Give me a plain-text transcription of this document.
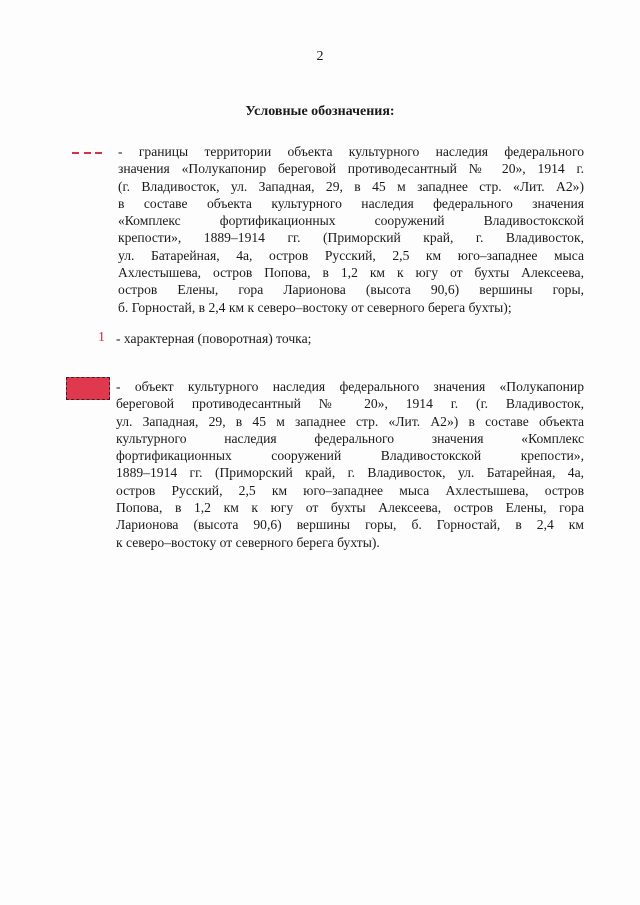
2
Условные обозначения:
- границы территории объекта культурного наследия федерального
значения «Полукапонир береговой противодесантный № 20», 1914 г.
(г. Владивосток, ул. Западная, 29, в 45 м западнее стр. «Лит. А2»)
в составе объекта культурного наследия федерального значения
«Комплекс фортификационных сооружений Владивостокской
крепости», 1889–1914 гг. (Приморский край, г. Владивосток,
ул. Батарейная, 4а, остров Русский, 2,5 км юго–западнее мыса
Ахлестышева, остров Попова, в 1,2 км к югу от бухты Алексеева,
остров Елены, гора Ларионова (высота 90,6) вершины горы,
б. Горностай, в 2,4 км к северо–востоку от северного берега бухты);
1 - характерная (поворотная) точка;
- объект культурного наследия федерального значения «Полукапонир
береговой противодесантный № 20», 1914 г. (г. Владивосток,
ул. Западная, 29, в 45 м западнее стр. «Лит. А2») в составе объекта
культурного наследия федерального значения «Комплекс
фортификационных сооружений Владивостокской крепости»,
1889–1914 гг. (Приморский край, г. Владивосток, ул. Батарейная, 4а,
остров Русский, 2,5 км юго–западнее мыса Ахлестышева, остров
Попова, в 1,2 км к югу от бухты Алексеева, остров Елены, гора
Ларионова (высота 90,6) вершины горы, б. Горностай, в 2,4 км
к северо–востоку от северного берега бухты).
